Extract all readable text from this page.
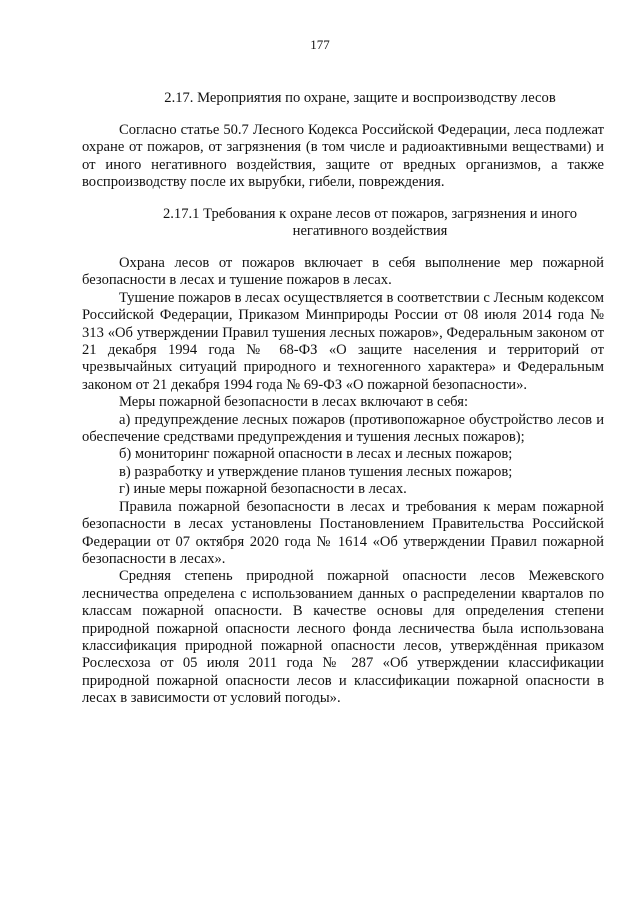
177
2.17. Мероприятия по охране, защите и воспроизводству лесов

Согласно статье 50.7 Лесного Кодекса Российской Федерации, леса подлежат охране от пожаров, от загрязнения (в том числе и радиоактивными веществами) и от иного негативного воздействия, защите от вредных организмов, а также воспроизводству после их вырубки, гибели, повреждения.

2.17.1 Требования к охране лесов от пожаров, загрязнения и иного негативного воздействия

Охрана лесов от пожаров включает в себя выполнение мер пожарной безопасности в лесах и тушение пожаров в лесах.

Тушение пожаров в лесах осуществляется в соответствии с Лесным кодексом Российской Федерации, Приказом Минприроды России от 08 июля 2014 года № 313 «Об утверждении Правил тушения лесных пожаров», Федеральным законом от 21 декабря 1994 года № 68-ФЗ «О защите населения и территорий от чрезвычайных ситуаций природного и техногенного характера» и Федеральным законом от 21 декабря 1994 года № 69-ФЗ «О пожарной безопасности».

Меры пожарной безопасности в лесах включают в себя:

а) предупреждение лесных пожаров (противопожарное обустройство лесов и обеспечение средствами предупреждения и тушения лесных пожаров);

б) мониторинг пожарной опасности в лесах и лесных пожаров;

в) разработку и утверждение планов тушения лесных пожаров;

г) иные меры пожарной безопасности в лесах.

Правила пожарной безопасности в лесах и требования к мерам пожарной безопасности в лесах установлены Постановлением Правительства Российской Федерации от 07 октября 2020 года № 1614 «Об утверждении Правил пожарной безопасности в лесах».

Средняя степень природной пожарной опасности лесов Межевского лесничества определена с использованием данных о распределении кварталов по классам пожарной опасности. В качестве основы для определения степени природной пожарной опасности лесного фонда лесничества была использована классификация природной пожарной опасности лесов, утверждённая приказом Рослесхоза от 05 июля 2011 года № 287 «Об утверждении классификации природной пожарной опасности лесов и классификации пожарной опасности в лесах в зависимости от условий погоды».
